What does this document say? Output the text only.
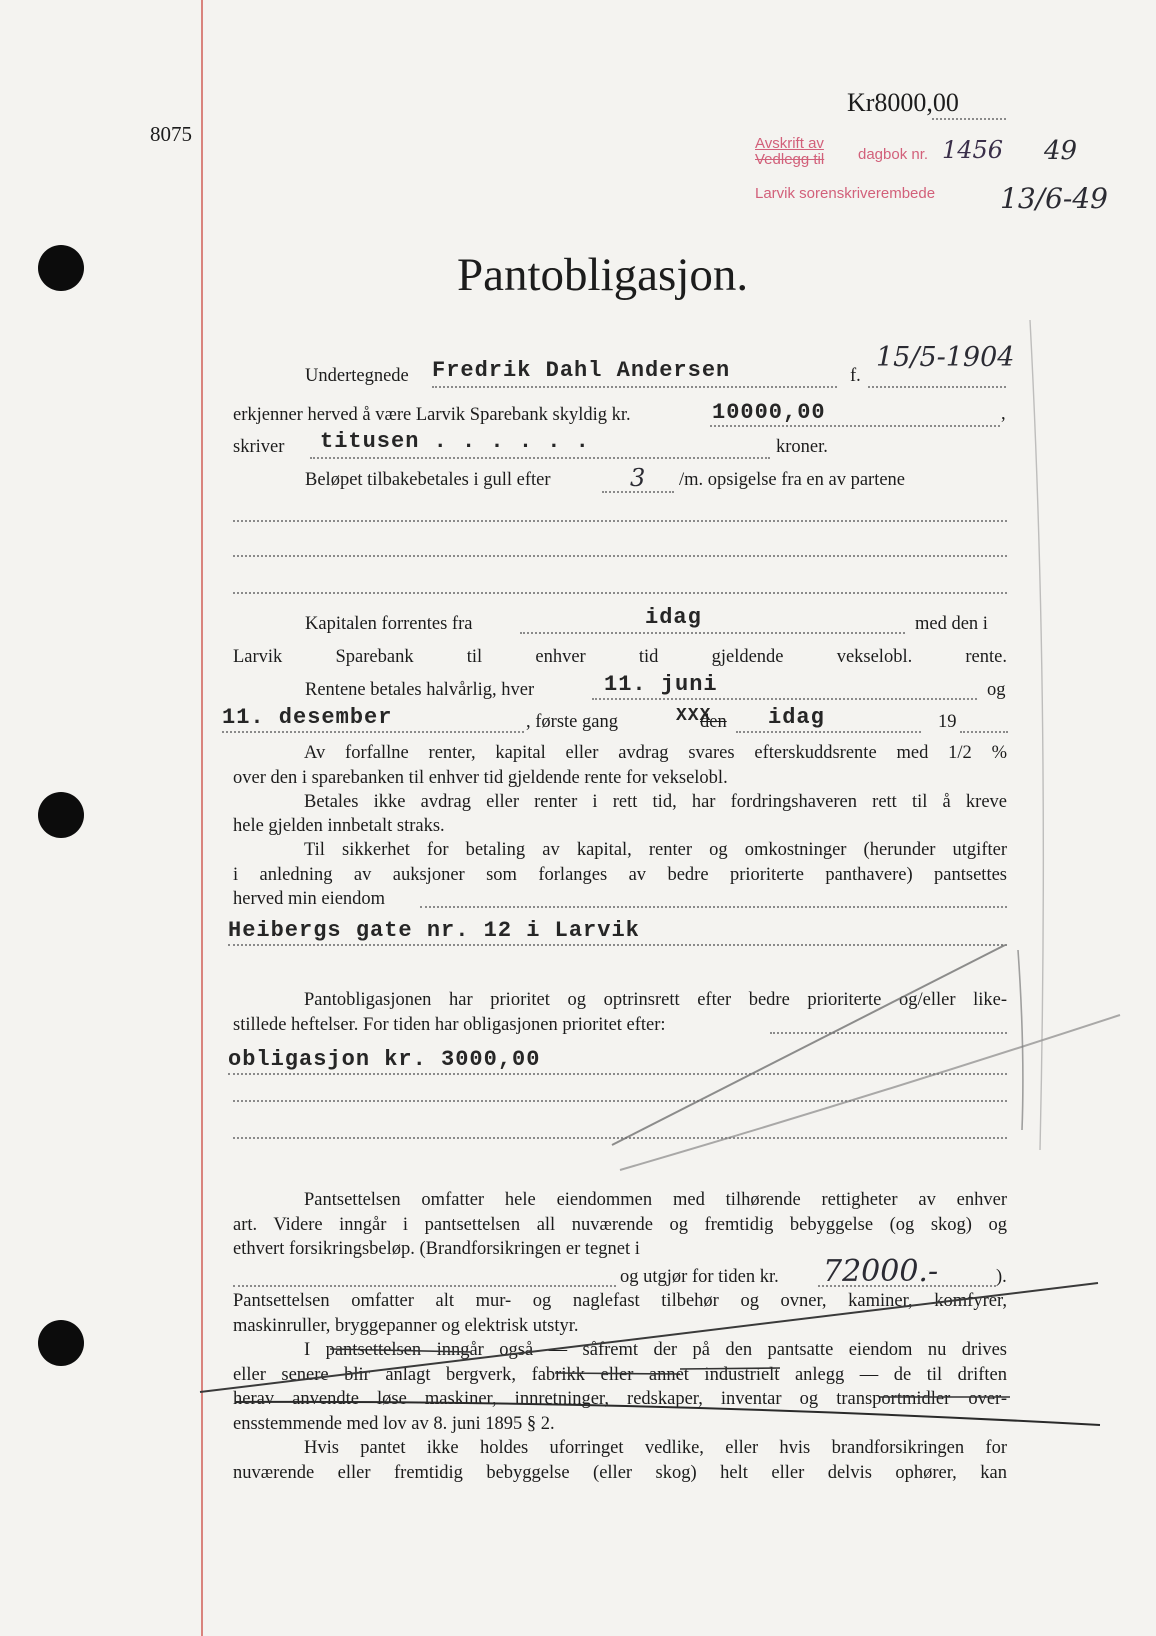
8075
Kr8000,00
Avskrift av
Vedlegg til dagbok nr.
Larvik sorenskriverembede
1456 49
13/6-49
Pantobligasjon.
Undertegnede Fredrik Dahl Andersen	f.
15/5-1904
erkjenner herved å være Larvik Sparebank skyldig kr.	10000,00	,
skriver titusen . . . . . .	kroner.
Beløpet tilbakebetales i gull efter	3 /m. opsigelse fra en av partene
Kapitalen forrentes fra	idag	med den i
Larvik Sparebank til enhver tid gjeldende vekselobl. rente.
Rentene betales halvårlig, hver	11. juni	og
11. desember	, første gang	XXX
den idag	19
Av forfallne renter, kapital eller avdrag svares efterskuddsrente med 1/2 %
over den i sparebanken til enhver tid gjeldende rente for vekselobl.
Betales ikke avdrag eller renter i rett tid, har fordringshaveren rett til å kreve
hele gjelden innbetalt straks.
Til sikkerhet for betaling av kapital, renter og omkostninger (herunder utgifter
i anledning av auksjoner som forlanges av bedre prioriterte panthavere) pantsettes
herved min eiendom
Heibergs gate nr. 12 i Larvik
Pantobligasjonen har prioritet og optrinsrett efter bedre prioriterte og/eller like-
stillede heftelser. For tiden har obligasjonen prioritet efter:
obligasjon kr. 3000,00
Pantsettelsen omfatter hele eiendommen med tilhørende rettigheter av enhver
art. Videre inngår i pantsettelsen all nuværende og fremtidig bebyggelse (og skog) og
ethvert forsikringsbeløp. (Brandforsikringen er tegnet i
og utgjør for tiden kr. 72000.-	).
Pantsettelsen omfatter alt mur- og naglefast tilbehør og ovner, kaminer, komfyrer,
maskinruller, bryggepanner og elektrisk utstyr.
I pantsettelsen inngår også — såfremt der på den pantsatte eiendom nu drives
eller senere blir anlagt bergverk, fabrikk eller annet industrielt anlegg — de til driften
herav anvendte løse maskiner, innretninger, redskaper, inventar og transportmidler over-
ensstemmende med lov av 8. juni 1895 § 2.
Hvis pantet ikke holdes uforringet vedlike, eller hvis brandforsikringen for
nuværende eller fremtidig bebyggelse (eller skog) helt eller delvis ophører, kan
